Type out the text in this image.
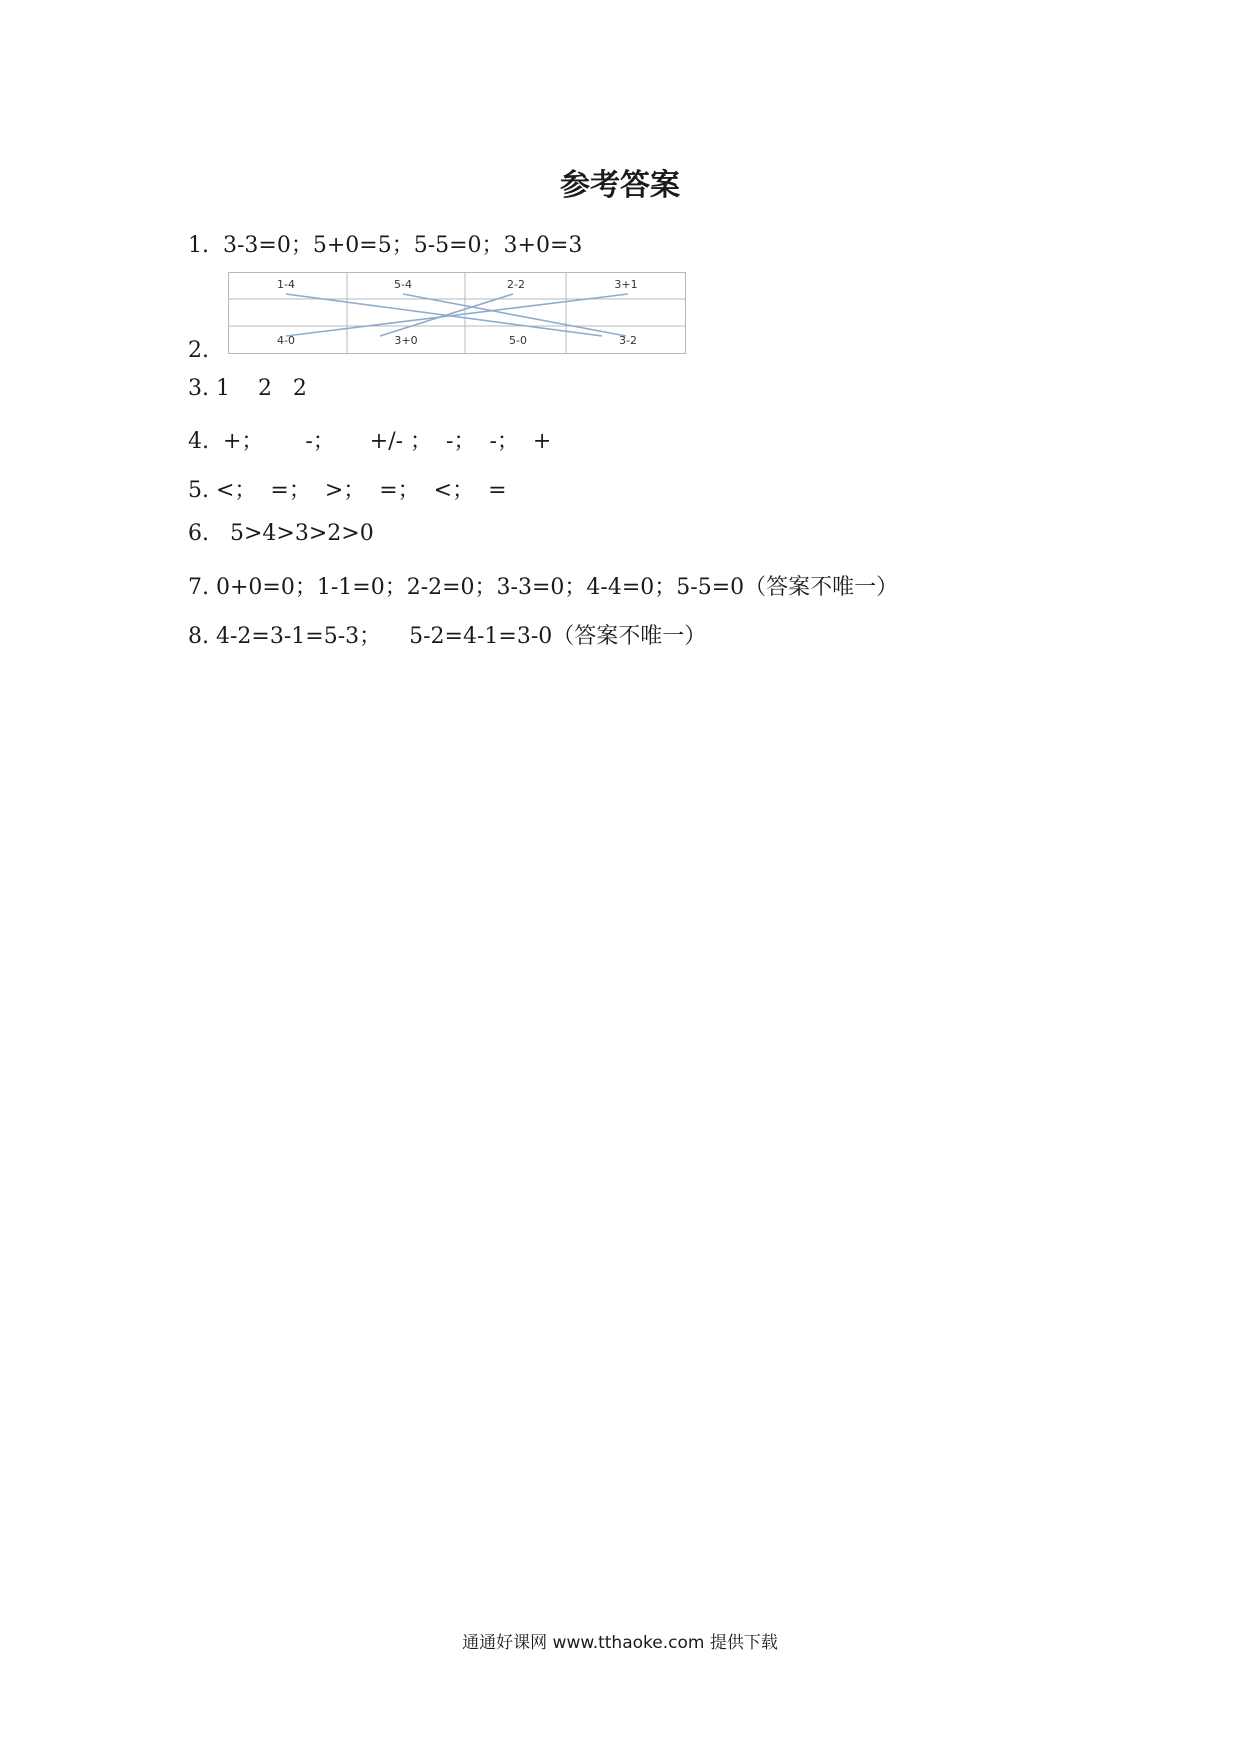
参考答案
1.  3-3=0；5+0=5；5-5=0；3+0=3
2.
1-4	5-4	2-2	3+1
4-0	3+0	5-0	3-2
3. 1    2   2
4.  +；      -；     +/- ；  -；  -；  +
5. <；  =；  >；  =；  <；  =
6.   5>4>3>2>0
7. 0+0=0；1-1=0；2-2=0；3-3=0；4-4=0；5-5=0（答案不唯一）
8. 4-2=3-1=5-3；    5-2=4-1=3-0（答案不唯一）
通通好课网 www.tthaoke.com 提供下载
